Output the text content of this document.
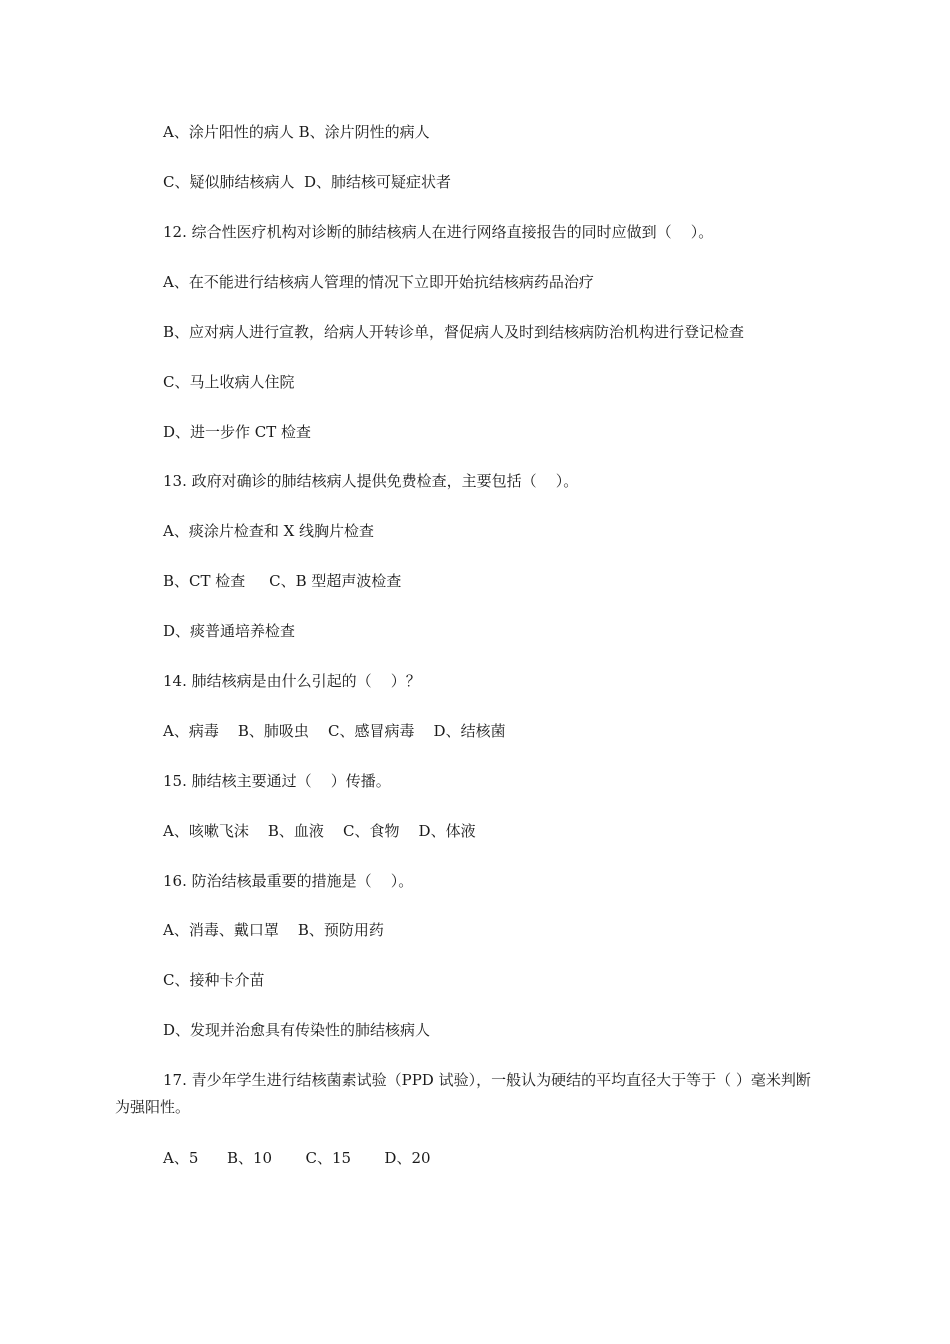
A、涂片阳性的病人 B、涂片阴性的病人
C、疑似肺结核病人  D、肺结核可疑症状者
12. 综合性医疗机构对诊断的肺结核病人在进行网络直接报告的同时应做到（    ）。
A、在不能进行结核病人管理的情况下立即开始抗结核病药品治疗
B、应对病人进行宣教，给病人开转诊单，督促病人及时到结核病防治机构进行登记检查
C、马上收病人住院
D、进一步作 CT 检查
13. 政府对确诊的肺结核病人提供免费检查，主要包括（    ）。
A、痰涂片检查和 X 线胸片检查
B、CT 检查     C、B 型超声波检查
D、痰普通培养检查
14. 肺结核病是由什么引起的（    ）？
A、病毒    B、肺吸虫    C、感冒病毒    D、结核菌
15. 肺结核主要通过（    ）传播。
A、咳嗽飞沫    B、血液    C、食物    D、体液
16. 防治结核最重要的措施是（    ）。
A、消毒、戴口罩    B、预防用药
C、接种卡介苗
D、发现并治愈具有传染性的肺结核病人
17. 青少年学生进行结核菌素试验（PPD 试验），一般认为硬结的平均直径大于等于（ ）毫米判断为强阳性。
A、5      B、10       C、15       D、20
